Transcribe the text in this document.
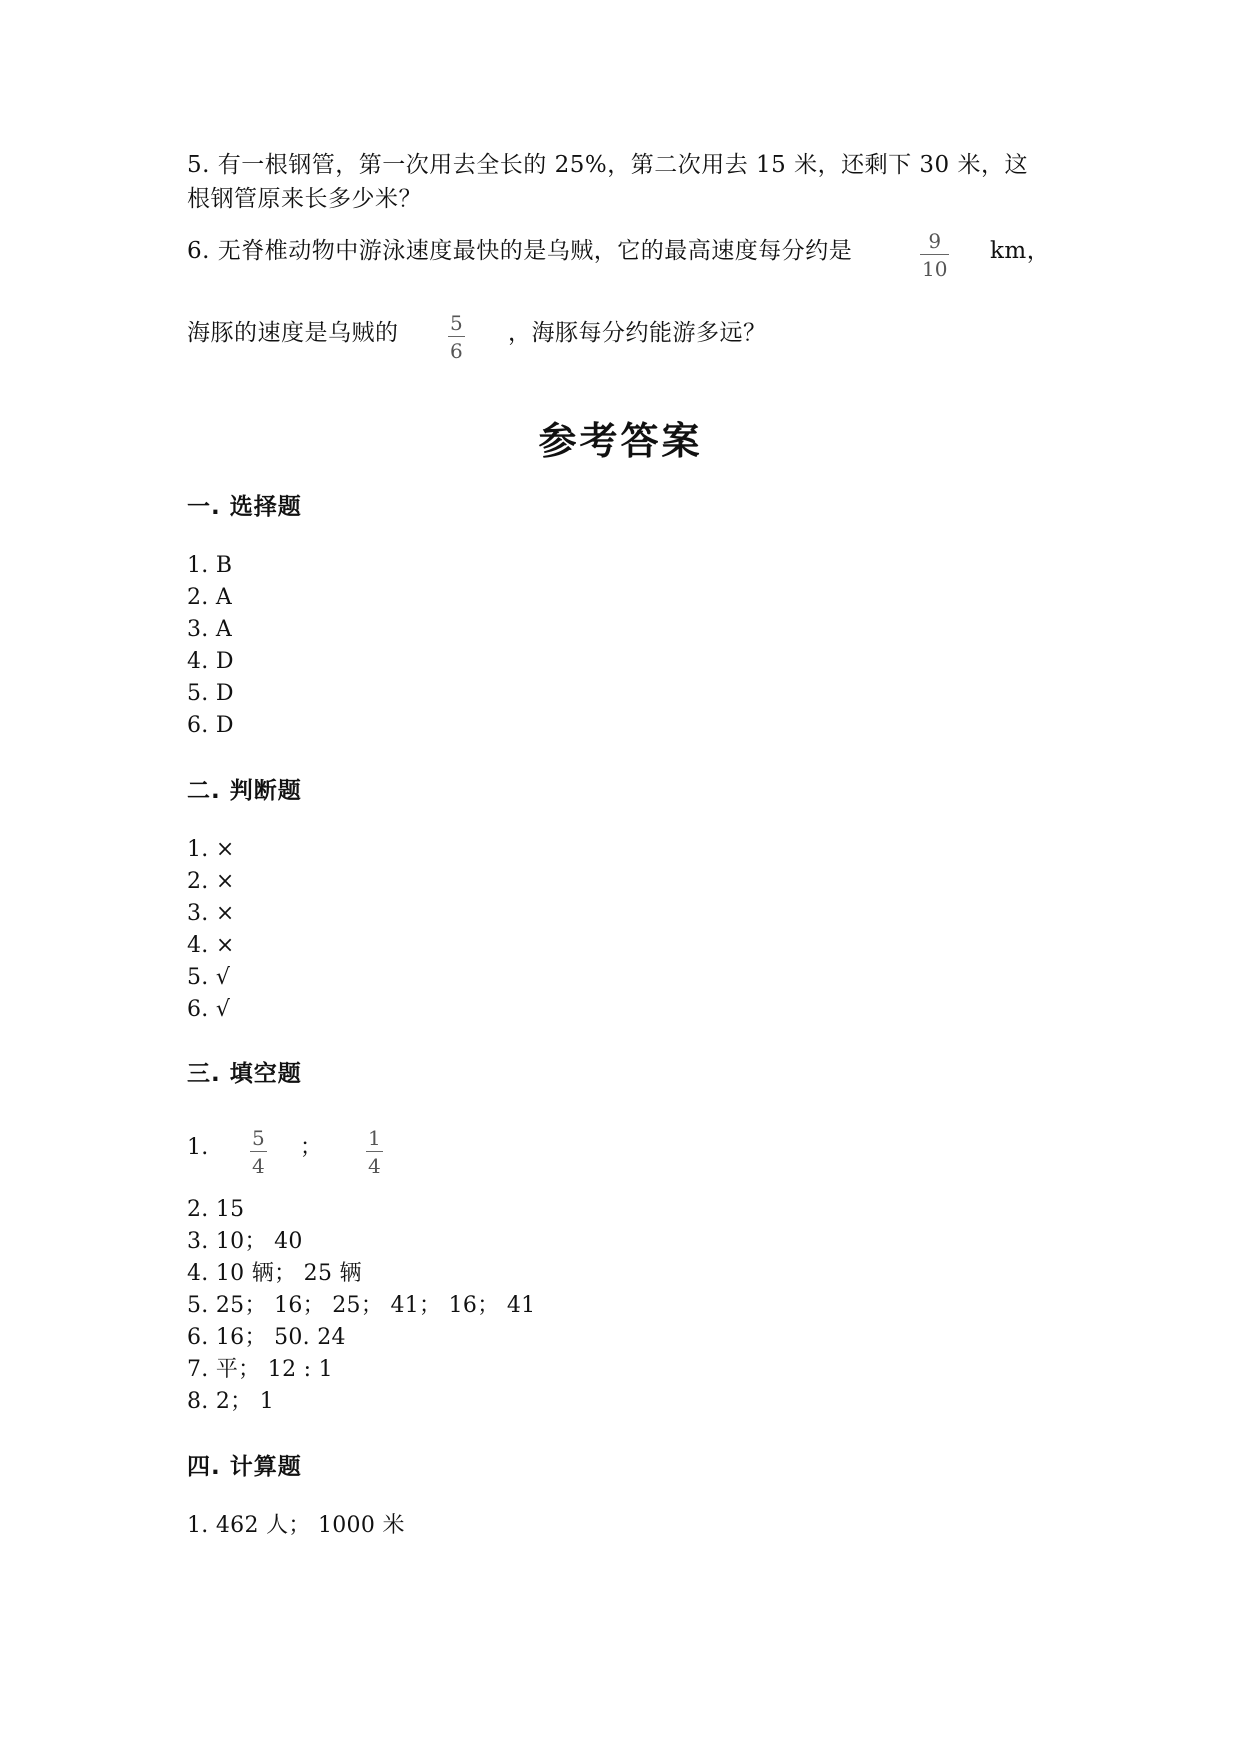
5. 有一根钢管，第一次用去全长的 25%，第二次用去 15 米，还剩下 30 米，这
根钢管原来长多少米？
6. 无脊椎动物中游泳速度最快的是乌贼，它的最高速度每分约是	9
10
km，
海豚的速度是乌贼的	5
6
，海豚每分约能游多远？
参考答案
一. 选择题
1. B
2. A
3. A
4. D
5. D
6. D
二. 判断题
1. ×
2. ×
3. ×
4. ×
5. √
6. √
三. 填空题
1. 5
4
； 1
4
2. 15
3. 10； 40
4. 10 辆； 25 辆
5. 25； 16； 25； 41； 16； 41
6. 16； 50. 24
7. 平； 12 : 1
8. 2； 1
四. 计算题
1. 462 人； 1000 米
